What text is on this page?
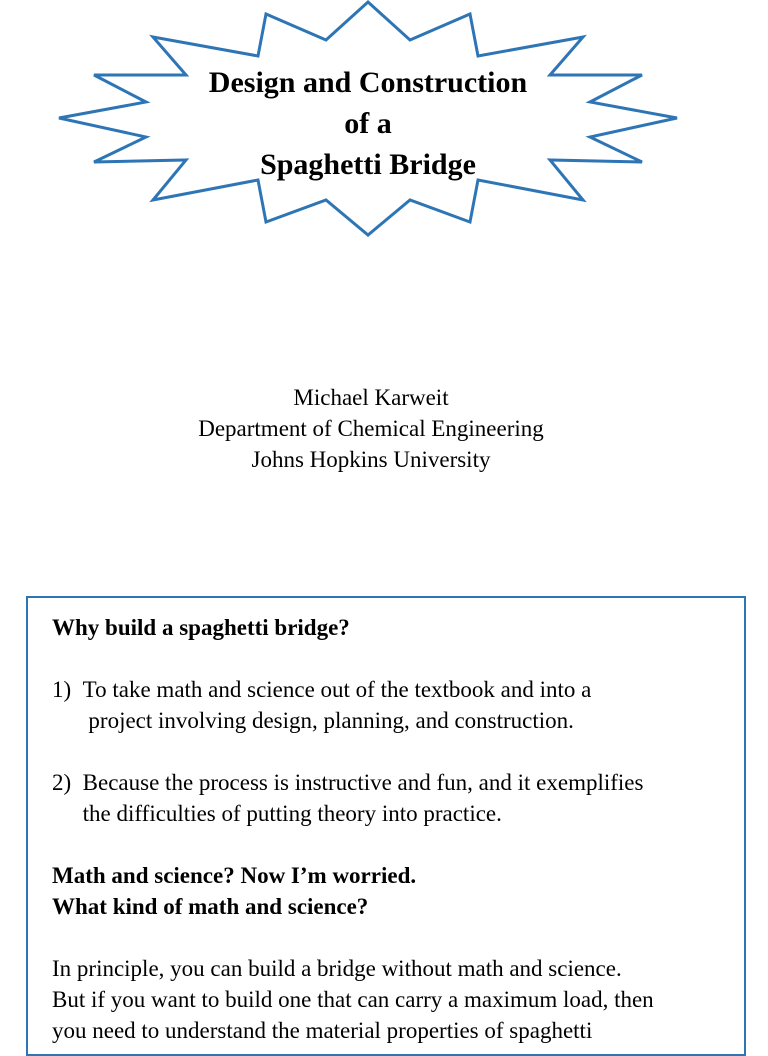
Design and Construction
of a
Spaghetti Bridge
Michael Karweit
Department of Chemical Engineering
Johns Hopkins University

Why build a spaghetti bridge?

1) To take math and science out of the textbook and into a
project involving design, planning, and construction.
2) Because the process is instructive and fun, and it exemplifies
the difficulties of putting theory into practice.

Math and science? Now I’m worried.

What kind of math and science?

In principle, you can build a bridge without math and science.

But if you want to build one that can carry a maximum load, then

you need to understand the material properties of spaghetti
